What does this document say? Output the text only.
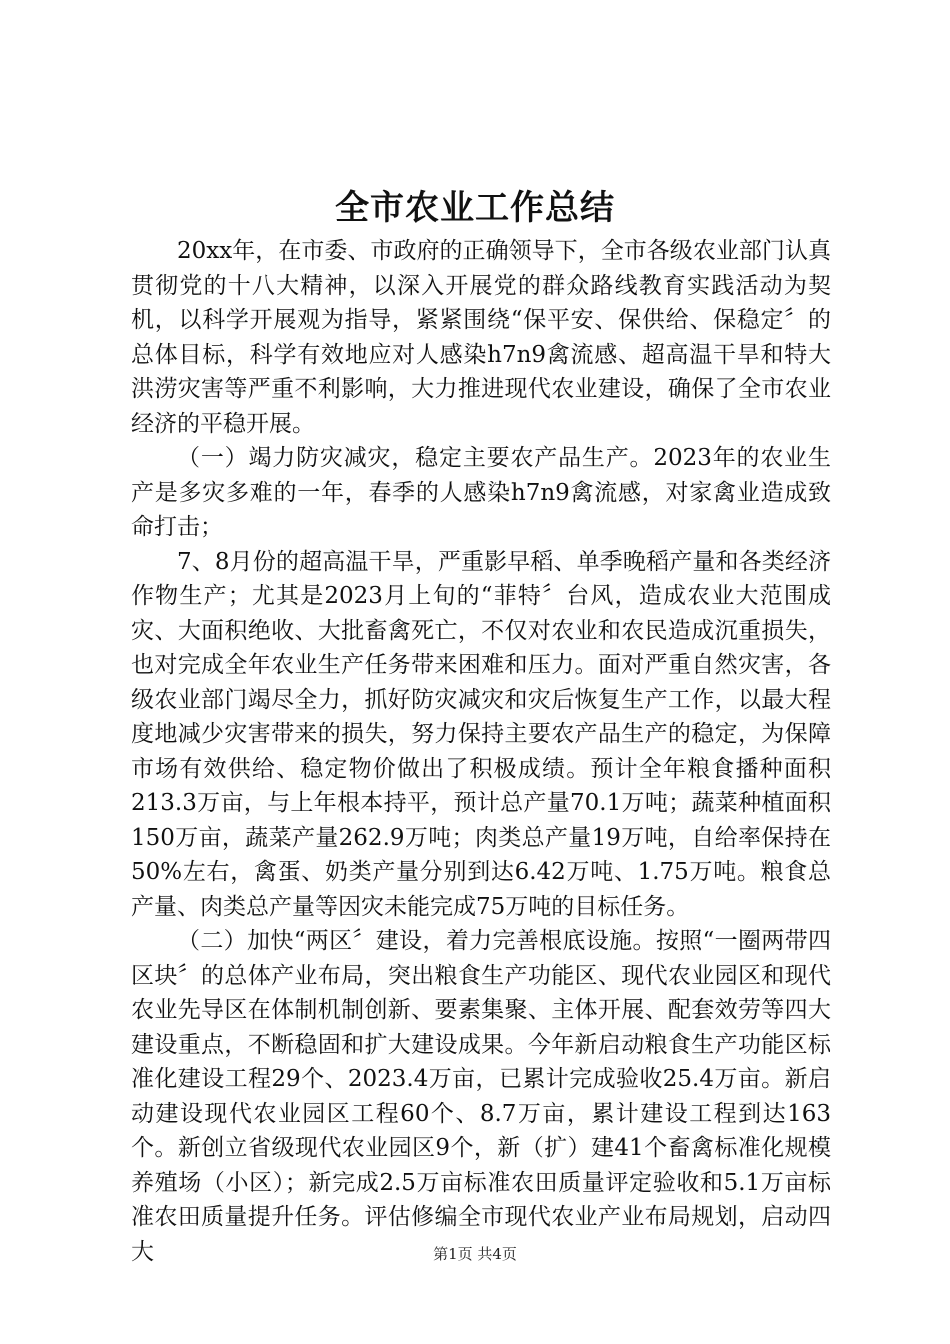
全市农业工作总结

20xx年，在市委、市政府的正确领导下，全市各级农业部门认真贯彻党的十八大精神，以深入开展党的群众路线教育实践活动为契机，以科学开展观为指导，紧紧围绕“保平安、保供给、保稳定〞的总体目标，科学有效地应对人感染h7n9禽流感、超高温干旱和特大洪涝灾害等严重不利影响，大力推进现代农业建设，确保了全市农业经济的平稳开展。

（一）竭力防灾减灾，稳定主要农产品生产。2023年的农业生产是多灾多难的一年，春季的人感染h7n9禽流感，对家禽业造成致命打击；

7、8月份的超高温干旱，严重影早稻、单季晚稻产量和各类经济作物生产；尤其是2023月上旬的“菲特〞台风，造成农业大范围成灾、大面积绝收、大批畜禽死亡，不仅对农业和农民造成沉重损失，也对完成全年农业生产任务带来困难和压力。面对严重自然灾害，各级农业部门竭尽全力，抓好防灾减灾和灾后恢复生产工作，以最大程度地减少灾害带来的损失，努力保持主要农产品生产的稳定，为保障市场有效供给、稳定物价做出了积极成绩。预计全年粮食播种面积213.3万亩，与上年根本持平，预计总产量70.1万吨；蔬菜种植面积150万亩，蔬菜产量262.9万吨；肉类总产量19万吨，自给率保持在50%左右，禽蛋、奶类产量分别到达6.42万吨、1.75万吨。粮食总产量、肉类总产量等因灾未能完成75万吨的目标任务。

（二）加快“两区〞建设，着力完善根底设施。按照“一圈两带四区块〞的总体产业布局，突出粮食生产功能区、现代农业园区和现代农业先导区在体制机制创新、要素集聚、主体开展、配套效劳等四大建设重点，不断稳固和扩大建设成果。今年新启动粮食生产功能区标准化建设工程29个、2023.4万亩，已累计完成验收25.4万亩。新启动建设现代农业园区工程60个、8.7万亩，累计建设工程到达163个。新创立省级现代农业园区9个，新（扩）建41个畜禽标准化规模养殖场（小区）；新完成2.5万亩标准农田质量评定验收和5.1万亩标准农田质量提升任务。评估修编全市现代农业产业布局规划，启动四大	第1页 共4页
